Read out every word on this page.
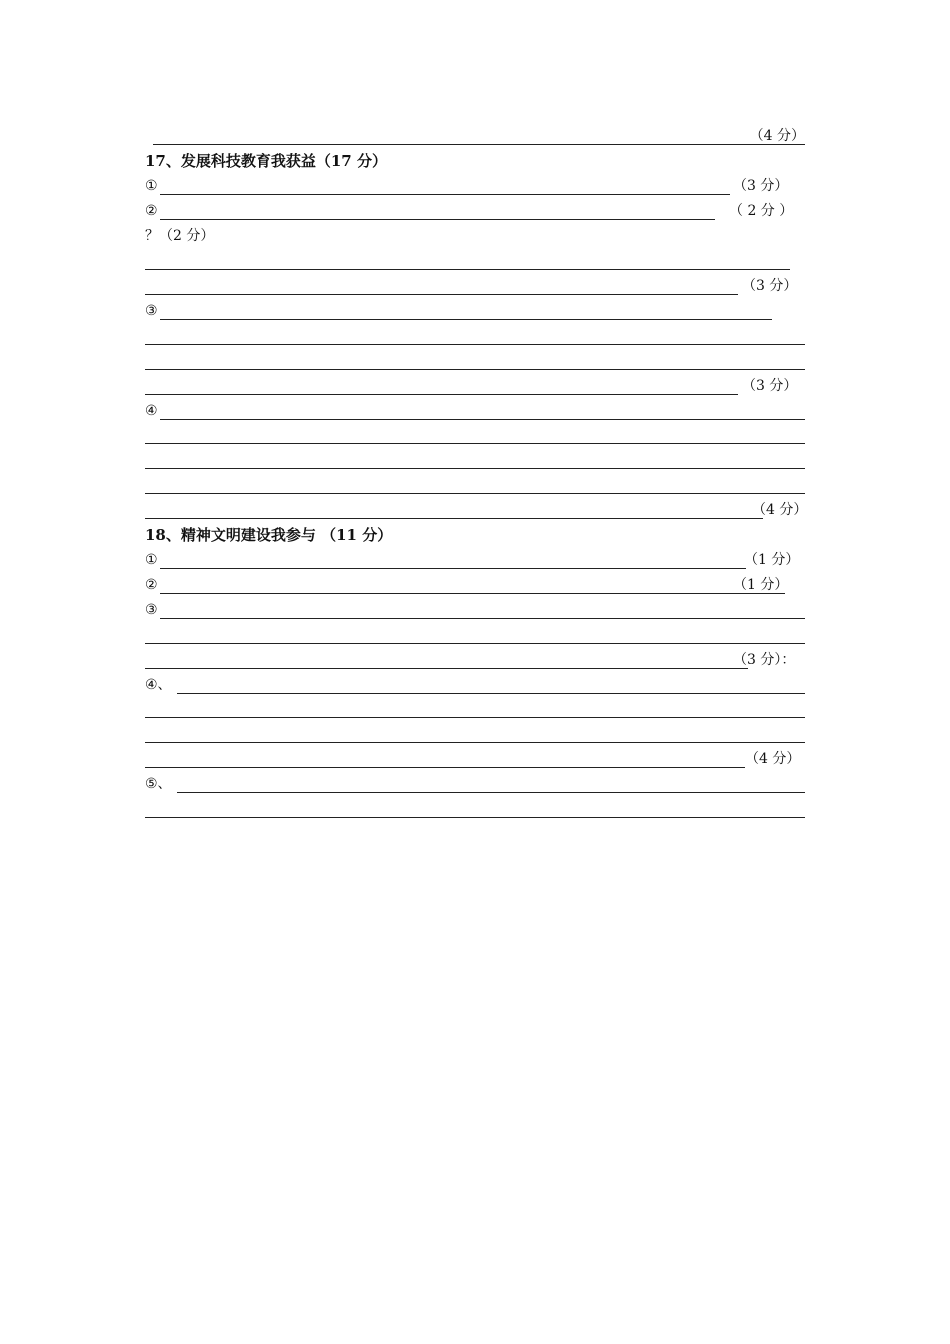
（4 分）
17、发展科技教育我获益（17 分）
①	（3 分）
②	（ 2 分 ）
？（2 分）
（3 分）
③
（3 分）
④
（4 分）
18、精神文明建设我参与 （11 分）
①	（1 分）
②	（1 分）
③
（3 分）：
④、
（4 分）
⑤、
